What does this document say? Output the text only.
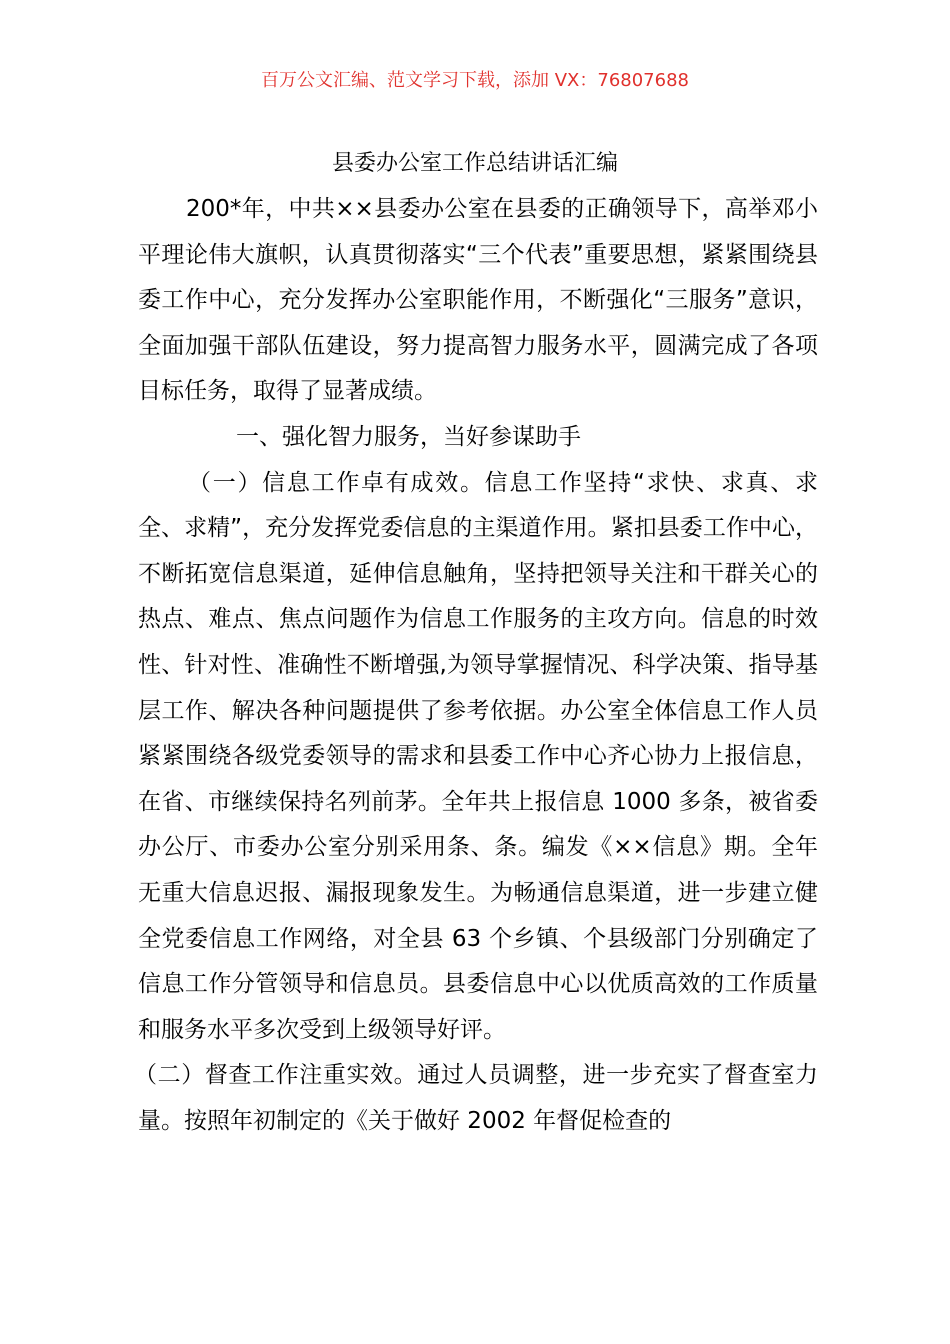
百万公文汇编、范文学习下载，添加 VX：76807688
县委办公室工作总结讲话汇编

200*年，中共××县委办公室在县委的正确领导下，高举邓小平理论伟大旗帜，认真贯彻落实“三个代表”重要思想，紧紧围绕县委工作中心，充分发挥办公室职能作用，不断强化“三服务”意识，全面加强干部队伍建设，努力提高智力服务水平，圆满完成了各项目标任务，取得了显著成绩。

一、强化智力服务，当好参谋助手

（一）信息工作卓有成效。信息工作坚持“求快、求真、求全、求精”，充分发挥党委信息的主渠道作用。紧扣县委工作中心，不断拓宽信息渠道，延伸信息触角，坚持把领导关注和干群关心的热点、难点、焦点问题作为信息工作服务的主攻方向。信息的时效性、针对性、准确性不断增强,为领导掌握情况、科学决策、指导基层工作、解决各种问题提供了参考依据。办公室全体信息工作人员紧紧围绕各级党委领导的需求和县委工作中心齐心协力上报信息，在省、市继续保持名列前茅。全年共上报信息 1000 多条，被省委办公厅、市委办公室分别采用条、条。编发《××信息》期。全年无重大信息迟报、漏报现象发生。为畅通信息渠道，进一步建立健全党委信息工作网络，对全县 63 个乡镇、个县级部门分别确定了信息工作分管领导和信息员。县委信息中心以优质高效的工作质量和服务水平多次受到上级领导好评。

（二）督查工作注重实效。通过人员调整，进一步充实了督查室力量。按照年初制定的《关于做好 2002 年督促检查的
